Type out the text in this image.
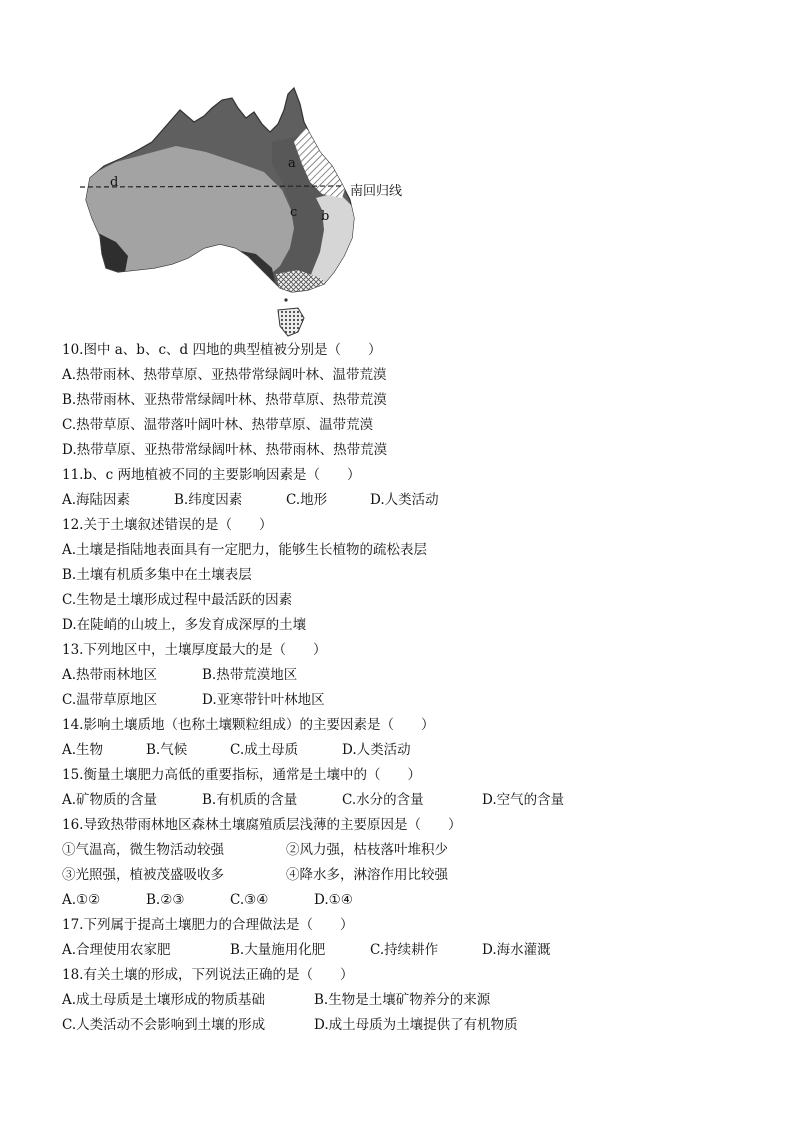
a
b
c
d
南回归线
10.图中 a、b、c、d 四地的典型植被分别是（　　）
A.热带雨林、热带草原、亚热带常绿阔叶林、温带荒漠
B.热带雨林、亚热带常绿阔叶林、热带草原、热带荒漠
C.热带草原、温带落叶阔叶林、热带草原、温带荒漠
D.热带草原、亚热带常绿阔叶林、热带雨林、热带荒漠
11.b、c 两地植被不同的主要影响因素是（　　）
A.海陆因素	B.纬度因素	C.地形	D.人类活动
12.关于土壤叙述错误的是（　　）
A.土壤是指陆地表面具有一定肥力，能够生长植物的疏松表层
B.土壤有机质多集中在土壤表层
C.生物是土壤形成过程中最活跃的因素
D.在陡峭的山坡上，多发育成深厚的土壤
13.下列地区中，土壤厚度最大的是（　　）
A.热带雨林地区	B.热带荒漠地区
C.温带草原地区	D.亚寒带针叶林地区
14.影响土壤质地（也称土壤颗粒组成）的主要因素是（　　）
A.生物	B.气候	C.成土母质	D.人类活动
15.衡量土壤肥力高低的重要指标，通常是土壤中的（　　）
A.矿物质的含量	B.有机质的含量	C.水分的含量	D.空气的含量
16.导致热带雨林地区森林土壤腐殖质层浅薄的主要原因是（　　）
①气温高，微生物活动较强	②风力强，枯枝落叶堆积少
③光照强，植被茂盛吸收多	④降水多，淋溶作用比较强
A.①②	B.②③	C.③④	D.①④
17.下列属于提高土壤肥力的合理做法是（　　）
A.合理使用农家肥	B.大量施用化肥	C.持续耕作	D.海水灌溉
18.有关土壤的形成，下列说法正确的是（　　）
A.成土母质是土壤形成的物质基础	B.生物是土壤矿物养分的来源
C.人类活动不会影响到土壤的形成	D.成土母质为土壤提供了有机物质
